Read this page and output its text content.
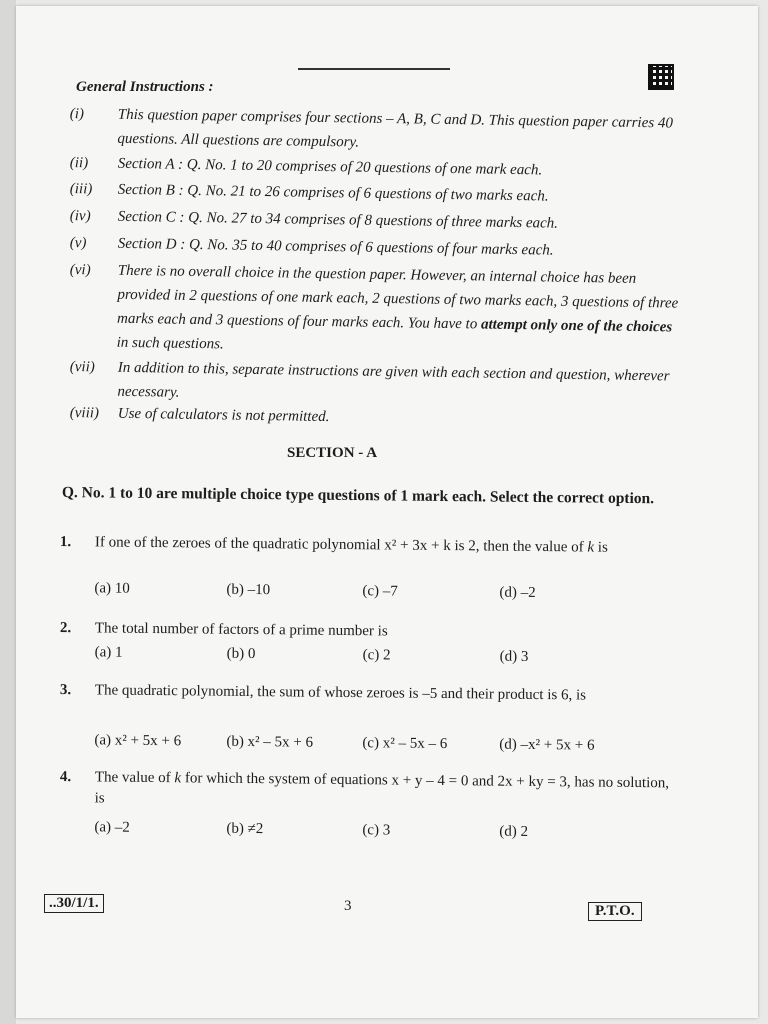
General Instructions :
(i) This question paper comprises four sections – A, B, C and D. This question paper carries 40 questions. All questions are compulsory.
(ii) Section A : Q. No. 1 to 20 comprises of 20 questions of one mark each.
(iii) Section B : Q. No. 21 to 26 comprises of 6 questions of two marks each.
(iv) Section C : Q. No. 27 to 34 comprises of 8 questions of three marks each.
(v) Section D : Q. No. 35 to 40 comprises of 6 questions of four marks each.
(vi) There is no overall choice in the question paper. However, an internal choice has been provided in 2 questions of one mark each, 2 questions of two marks each, 3 questions of three marks each and 3 questions of four marks each. You have to attempt only one of the choices in such questions.
(vii) In addition to this, separate instructions are given with each section and question, wherever necessary.
(viii) Use of calculators is not permitted.
SECTION - A
Q. No. 1 to 10 are multiple choice type questions of 1 mark each. Select the correct option.
1. If one of the zeroes of the quadratic polynomial x² + 3x + k is 2, then the value of k is
(a) 10	(b) –10	(c) –7	(d) –2
2. The total number of factors of a prime number is
(a) 1	(b) 0	(c) 2	(d) 3
3. The quadratic polynomial, the sum of whose zeroes is –5 and their product is 6, is
(a) x² + 5x + 6	(b) x² – 5x + 6	(c) x² – 5x – 6	(d) –x² + 5x + 6
4. The value of k for which the system of equations x + y – 4 = 0 and 2x + ky = 3, has no solution, is
(a) –2	(b) ≠2	(c) 3	(d) 2
..30/1/1.	3	P.T.O.
